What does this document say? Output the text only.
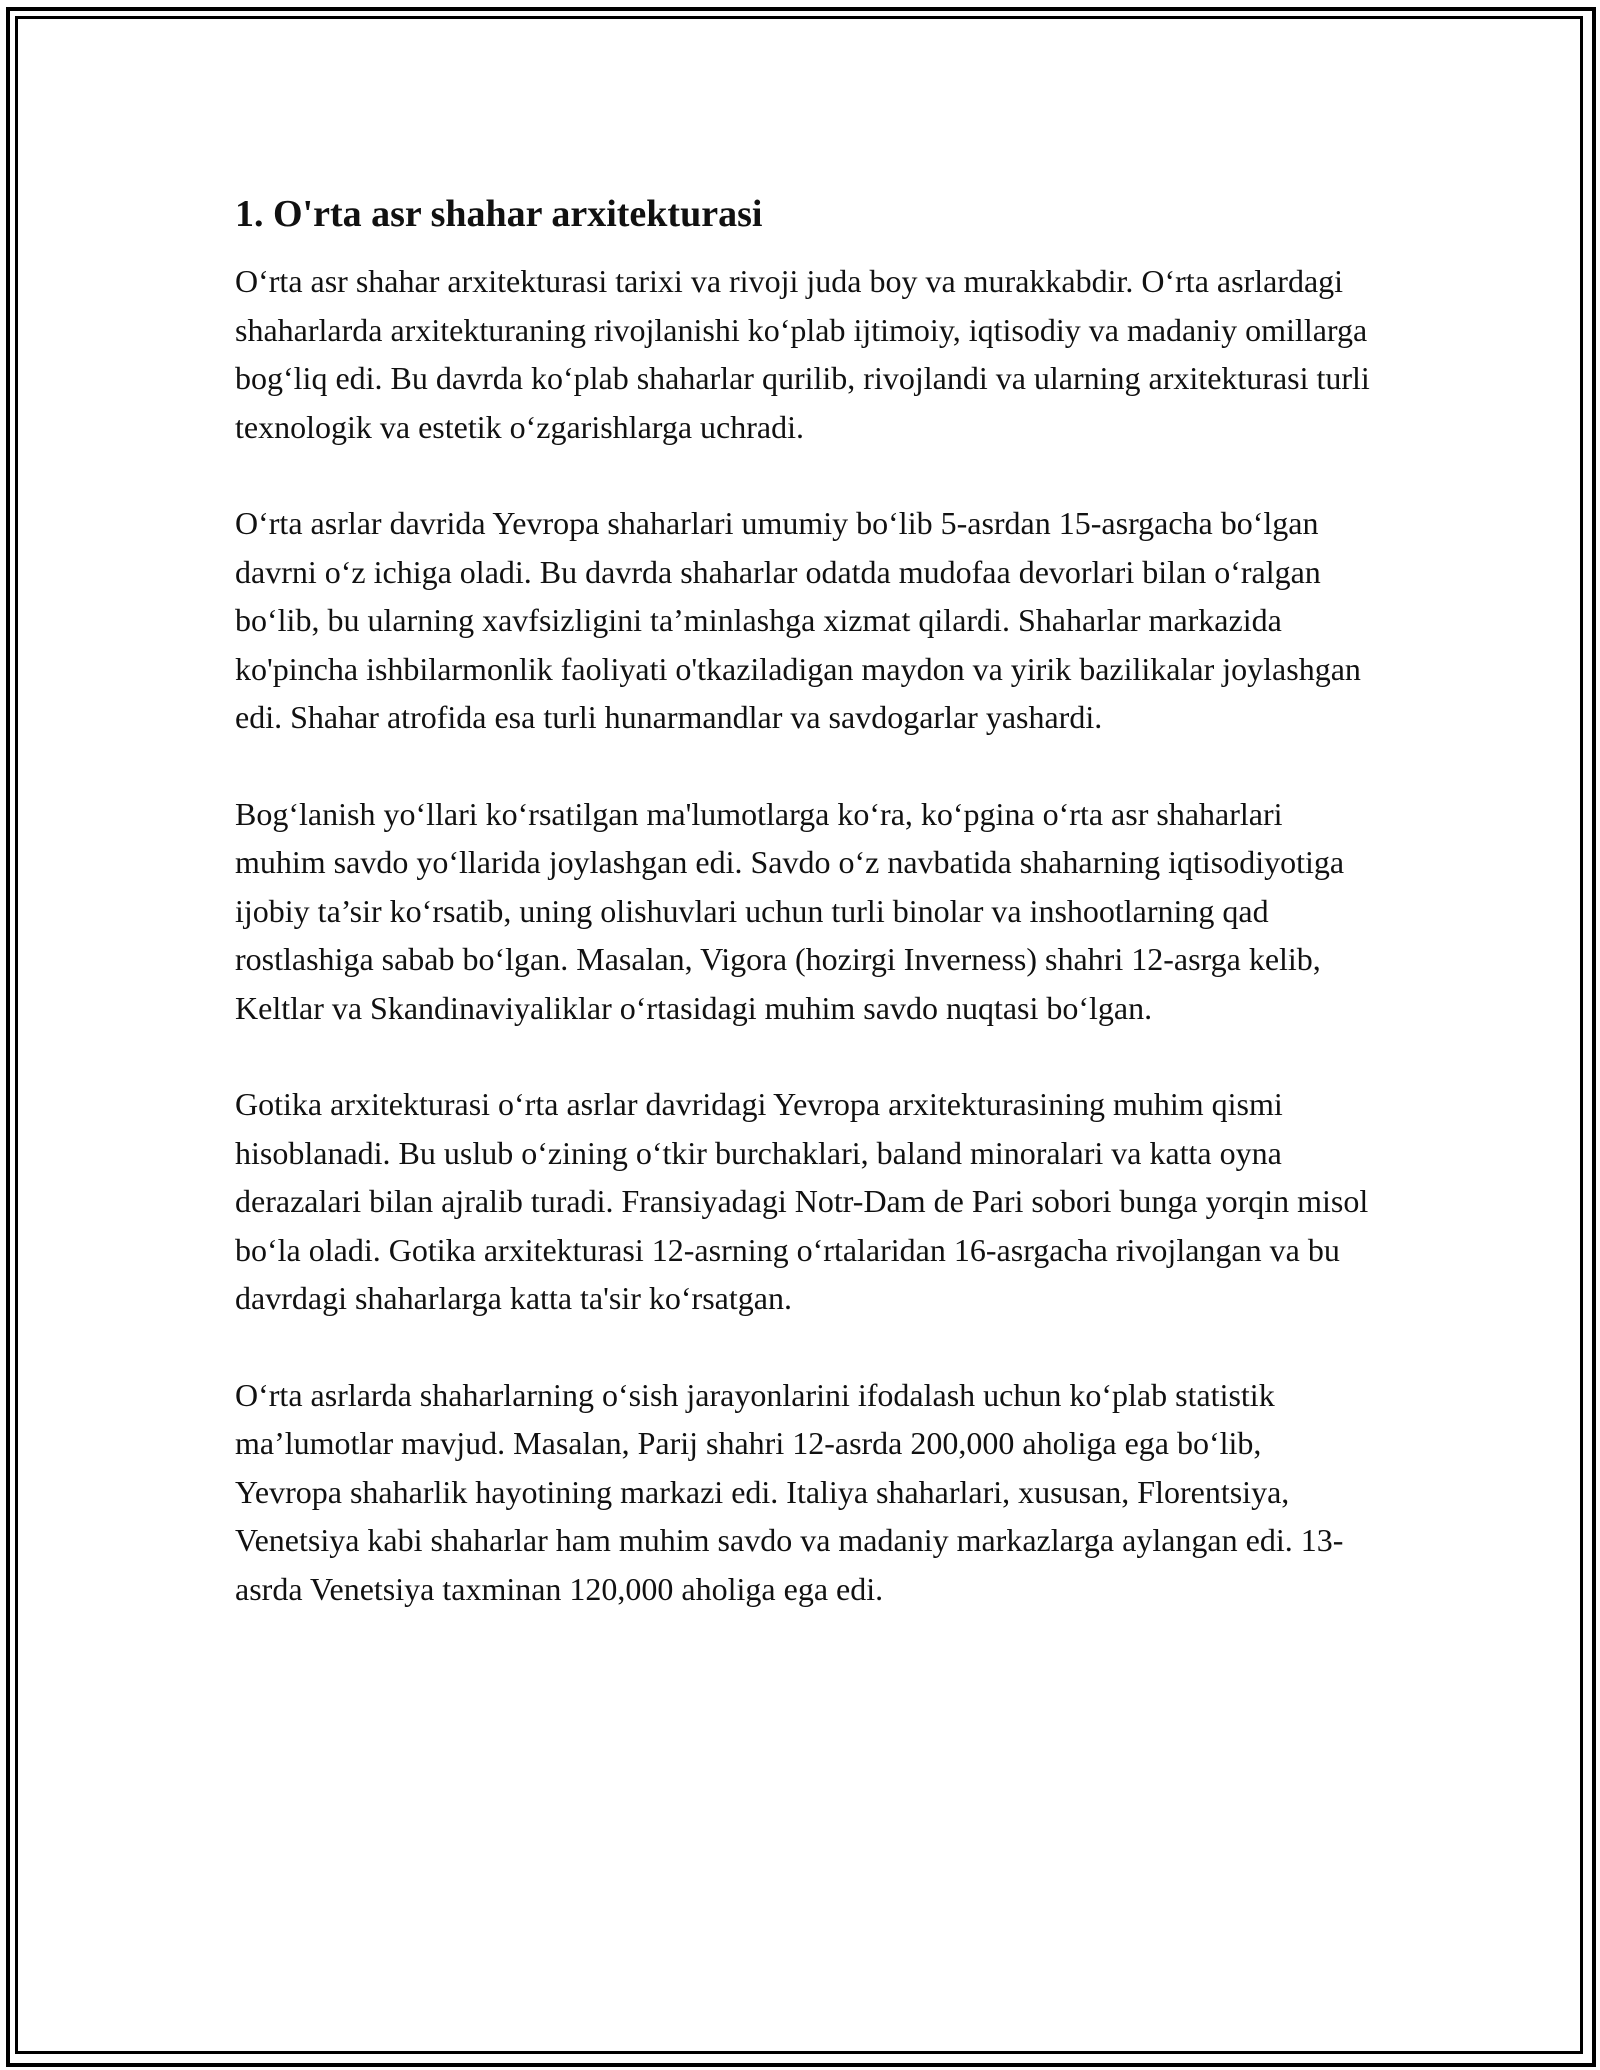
1. O'rta asr shahar arxitekturasi

O‘rta asr shahar arxitekturasi tarixi va rivoji juda boy va murakkabdir. O‘rta asrlardagi shaharlarda arxitekturaning rivojlanishi ko‘plab ijtimoiy, iqtisodiy va madaniy omillarga bog‘liq edi. Bu davrda ko‘plab shaharlar qurilib, rivojlandi va ularning arxitekturasi turli texnologik va estetik o‘zgarishlarga uchradi.

O‘rta asrlar davrida Yevropa shaharlari umumiy bo‘lib 5-asrdan 15-asrgacha bo‘lgan davrni o‘z ichiga oladi. Bu davrda shaharlar odatda mudofaa devorlari bilan o‘ralgan bo‘lib, bu ularning xavfsizligini ta’minlashga xizmat qilardi. Shaharlar markazida ko'pincha ishbilarmonlik faoliyati o'tkaziladigan maydon va yirik bazilikalar joylashgan edi. Shahar atrofida esa turli hunarmandlar va savdogarlar yashardi.

Bog‘lanish yo‘llari ko‘rsatilgan ma'lumotlarga ko‘ra, ko‘pgina o‘rta asr shaharlari muhim savdo yo‘llarida joylashgan edi. Savdo o‘z navbatida shaharning iqtisodiyotiga ijobiy ta’sir ko‘rsatib, uning olishuvlari uchun turli binolar va inshootlarning qad rostlashiga sabab bo‘lgan. Masalan, Vigora (hozirgi Inverness) shahri 12-asrga kelib, Keltlar va Skandinaviyaliklar o‘rtasidagi muhim savdo nuqtasi bo‘lgan.

Gotika arxitekturasi o‘rta asrlar davridagi Yevropa arxitekturasining muhim qismi hisoblanadi. Bu uslub o‘zining o‘tkir burchaklari, baland minoralari va katta oyna derazalari bilan ajralib turadi. Fransiyadagi Notr-Dam de Pari sobori bunga yorqin misol bo‘la oladi. Gotika arxitekturasi 12-asrning o‘rtalaridan 16-asrgacha rivojlangan va bu davrdagi shaharlarga katta ta'sir ko‘rsatgan.

O‘rta asrlarda shaharlarning o‘sish jarayonlarini ifodalash uchun ko‘plab statistik ma’lumotlar mavjud. Masalan, Parij shahri 12-asrda 200,000 aholiga ega bo‘lib, Yevropa shaharlik hayotining markazi edi. Italiya shaharlari, xususan, Florentsiya, Venetsiya kabi shaharlar ham muhim savdo va madaniy markazlarga aylangan edi. 13-asrda Venetsiya taxminan 120,000 aholiga ega edi.
